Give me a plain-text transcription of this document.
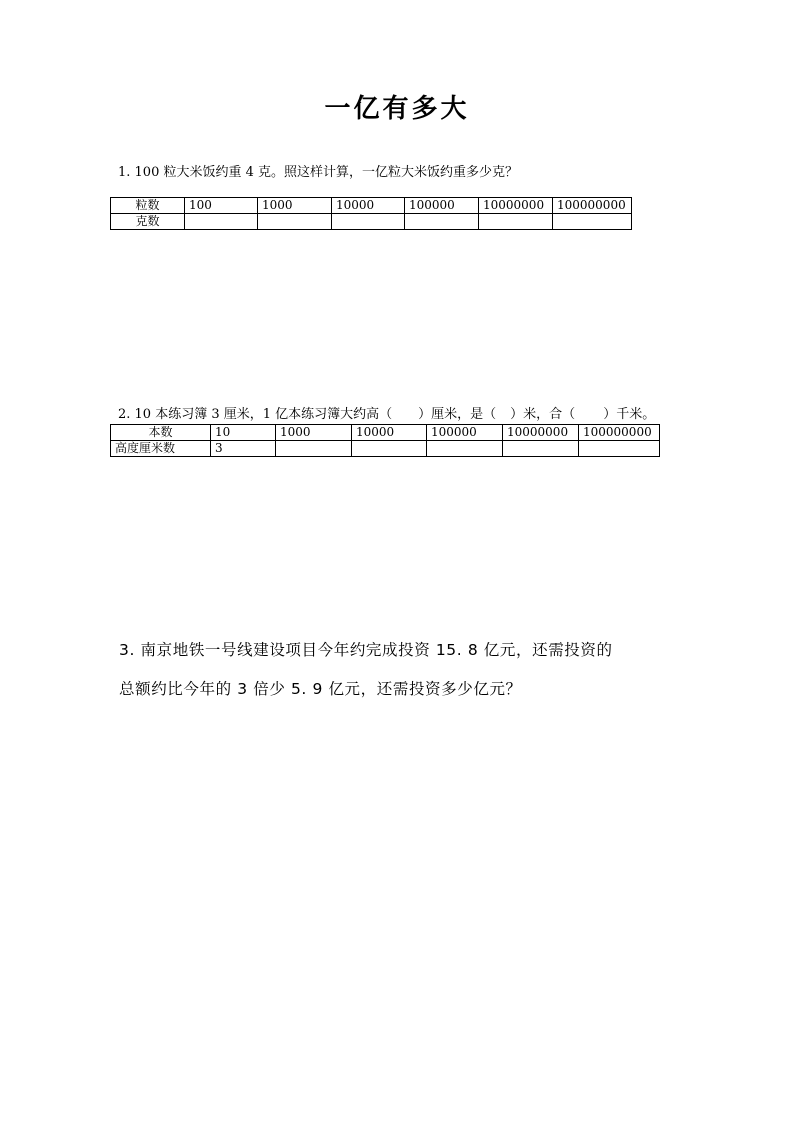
一亿有多大
1. 100 粒大米饭约重 4 克。照这样计算，一亿粒大米饭约重多少克？
粒数	100	1000	10000	100000	10000000	100000000
克数						
2. 10 本练习簿 3 厘米，1 亿本练习簿大约高（ ）厘米，是（ ）米，合（ ）千米。
本数	10	1000	10000	100000	10000000	100000000
高度厘米数	3					
3. 南京地铁一号线建设项目今年约完成投资 15. 8 亿元，还需投资的
总额约比今年的 3 倍少 5. 9 亿元，还需投资多少亿元？
